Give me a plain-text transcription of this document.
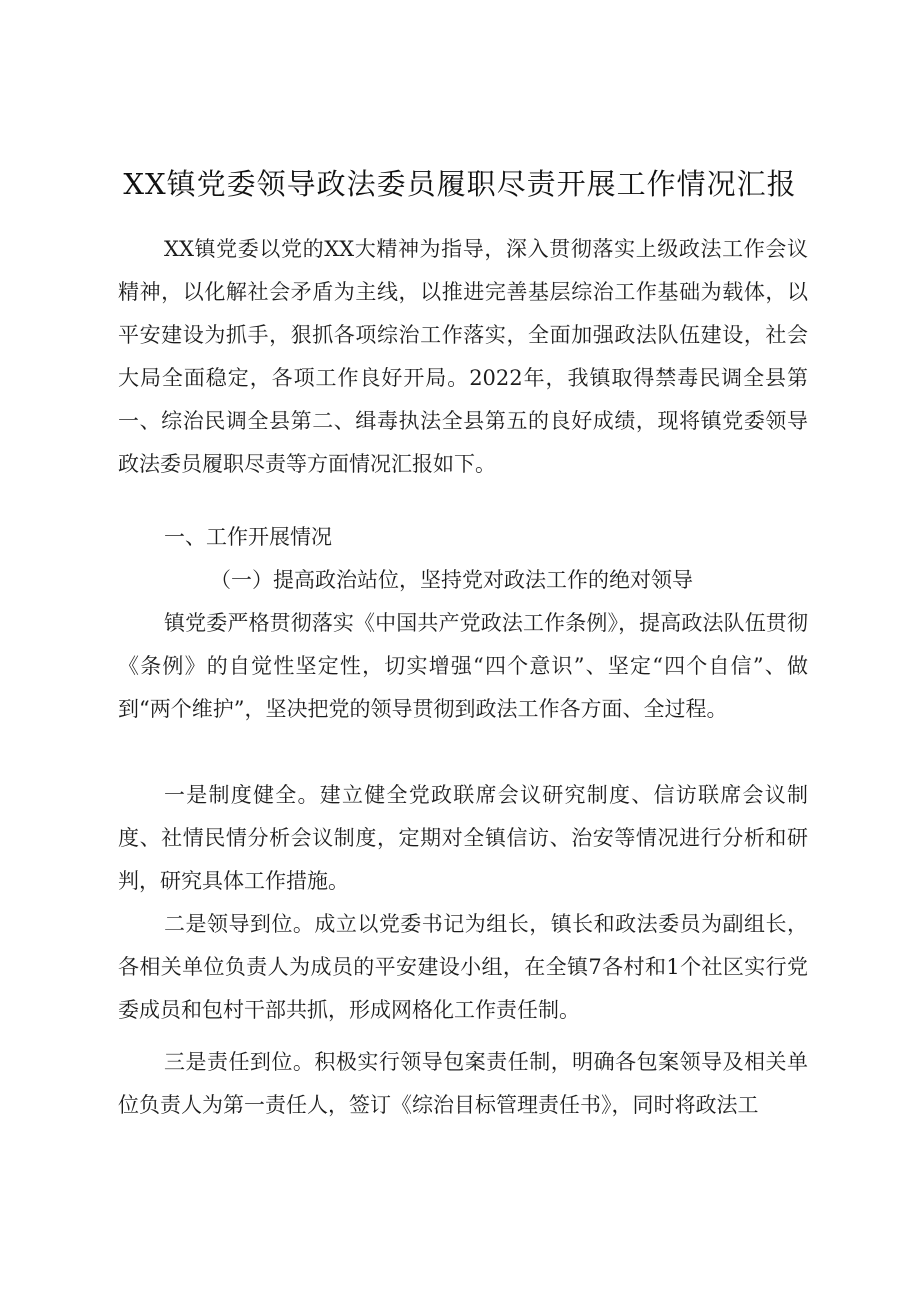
XX镇党委领导政法委员履职尽责开展工作情况汇报

XX镇党委以党的XX大精神为指导，深入贯彻落实上级政法工作会议精神，以化解社会矛盾为主线，以推进完善基层综治工作基础为载体，以平安建设为抓手，狠抓各项综治工作落实，全面加强政法队伍建设，社会大局全面稳定，各项工作良好开局。2022年，我镇取得禁毒民调全县第一、综治民调全县第二、缉毒执法全县第五的良好成绩，现将镇党委领导政法委员履职尽责等方面情况汇报如下。

一、工作开展情况
（一）提高政治站位，坚持党对政法工作的绝对领导

镇党委严格贯彻落实《中国共产党政法工作条例》，提高政法队伍贯彻《条例》的自觉性坚定性，切实增强“四个意识”、坚定“四个自信”、做到“两个维护”，坚决把党的领导贯彻到政法工作各方面、全过程。

一是制度健全。建立健全党政联席会议研究制度、信访联席会议制度、社情民情分析会议制度，定期对全镇信访、治安等情况进行分析和研判，研究具体工作措施。

二是领导到位。成立以党委书记为组长，镇长和政法委员为副组长，各相关单位负责人为成员的平安建设小组，在全镇7各村和1个社区实行党委成员和包村干部共抓，形成网格化工作责任制。

三是责任到位。积极实行领导包案责任制，明确各包案领导及相关单位负责人为第一责任人，签订《综治目标管理责任书》，同时将政法工
